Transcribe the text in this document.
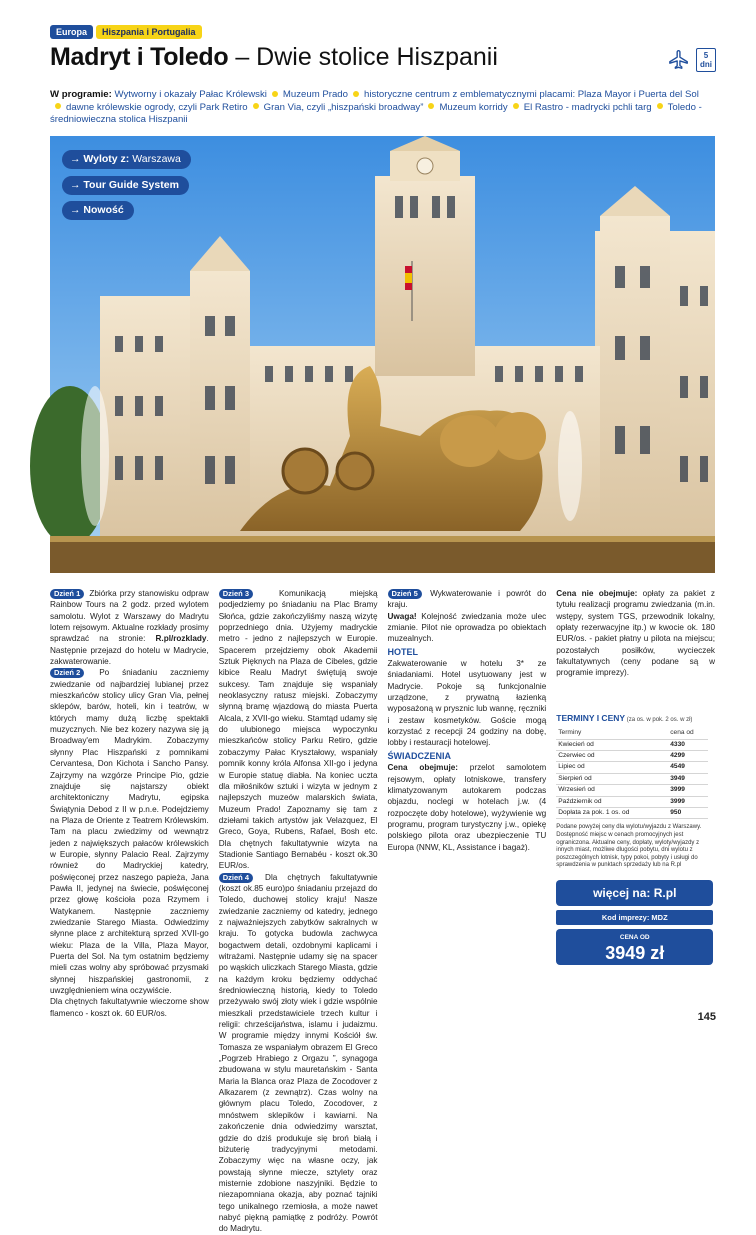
Europa	Hiszpania i Portugalia
Madryt i Toledo – Dwie stolice Hiszpanii	5
dni
W programie: Wytworny i okazały Pałac Królewski Muzeum Prado historyczne centrum z emblematycznymi placami: Plaza Mayor i Puerta del Soldawne królewskie ogrody, czyli Park Retiro Gran Via, czyli „hiszpański broadway” Muzeum korridy El Rastro - madrycki pchli targ Toledo - średniowieczna stolica Hiszpanii
→ Wyloty z: Warszawa
→ Tour Guide System
→ Nowość

Dzień 1 Zbiórka przy stanowisku odpraw Rainbow Tours na 2 godz. przed wylotem samolotu. Wylot z Warszawy do Madrytu lotem rejsowym. Aktualne rozkłady prosimy sprawdzać na stronie: R.pl/rozklady. Następnie przejazd do hotelu w Madrycie, zakwaterowanie.

Dzień 2 Po śniadaniu zaczniemy zwiedzanie od najbardziej lubianej przez mieszkańców stolicy ulicy Gran Via, pełnej sklepów, barów, hoteli, kin i teatrów, w których mamy dużą liczbę spektakli muzycznych. Nie bez kozery nazywa się ją Broadway'em Madrykim. Zobaczymy słynny Plac Hiszpański z pomnikami Cervantesa, Don Kichota i Sancho Pansy. Zajrzymy na wzgórze Principe Pio, gdzie znajduje się najstarszy obiekt architektoniczny Madrytu, egipska Świątynia Debod z II w p.n.e. Podejdziemy na Plaza de Oriente z Teatrem Królewskim. Tam na placu zwiedzimy od wewnątrz jeden z największych pałaców królewskich w Europie, słynny Palacio Real. Zajrzymy również do Madryckiej katedry, poświęconej przez naszego papieża, Jana Pawła II, jedynej na świecie, poświęconej przez głowę kościoła poza Rzymem i Watykanem. Następnie zaczniemy zwiedzanie Starego Miasta. Odwiedzimy słynne place z architekturą sprzed XVII-go wieku: Plaza de la Villa, Plaza Mayor, Puerta del Sol. Na tym ostatnim będziemy mieli czas wolny aby spróbować przysmaki słynnej hiszpańskiej gastronomii, z uwzględnieniem wina oczywiście.

Dla chętnych fakultatywnie wieczorne show flamenco - koszt ok. 60 EUR/os.

Dzień 3	Komunikacją miejską podjedziemy po śniadaniu na Plac Bramy Słońca, gdzie zakończyliśmy naszą wizytę poprzedniego dnia. Użyjemy madryckie metro - jedno z najlepszych w Europie. Spacerem przejdziemy obok Akademii Sztuk Pięknych na Plaza de Cibeles, gdzie kibice Realu Madryt świętują swoje sukcesy. Tam znajduje się wspaniały neoklasyczny ratusz miejski. Zobaczymy słynną bramę wjazdową do miasta Puerta Alcala, z XVII-go wieku. Stamtąd udamy się do ulubionego miejsca wypoczynku mieszkańców stolicy Parku Retiro, gdzie zobaczymy Pałac Kryształowy, wspaniały pomnik konny króla Alfonsa XII-go i jedyna w Europie statuę diabła. Na koniec uczta dla miłośników sztuki i wizyta w jednym z najlepszych muzeów malarskich świata, Muzeum Prado! Zapoznamy się tam z dziełami takich artystów jak Velazquez, El Greco, Goya, Rubens, Rafael, Bosh etc. Dla chętnych fakultatywnie wizyta na Stadionie Santiago Bernabéu - koszt ok.30 EUR/os.

Dzień 4 Dla chętnych fakultatywnie (koszt ok.85 euro)po śniadaniu przejazd do Toledo, duchowej stolicy kraju! Nasze zwiedzanie zaczniemy od katedry, jednego z najważniejszych zabytków sakralnych w kraju. To gotycka budowla zachwyca bogactwem detali, ozdobnymi kaplicami i witrażami. Następnie udamy się na spacer po wąskich uliczkach Starego Miasta, gdzie na każdym kroku będziemy oddychać średniowieczną historią, kiedy to Toledo przeżywało swój złoty wiek i gdzie wspólnie mieszkali przedstawiciele trzech kultur i religii: chrześcijaństwa, islamu i judaizmu. W programie między innymi Kościół św. Tomasza ze wspaniałym obrazem El Greco „Pogrzeb Hrabiego z Orgazu ”, synagoga zbudowana w stylu mauretańskim - Santa Maria la Blanca oraz Plaza de Zocodover z Alkazarem (z zewnątrz). Czas wolny na głównym placu Toledo, Zocodover, z mnóstwem sklepików i kawiarni. Na zakończenie dnia odwiedzimy warsztat, gdzie do dziś produkuje się broń białą i biżuterię tradycyjnymi metodami. Zobaczymy więc na własne oczy, jak powstają słynne miecze, sztylety oraz misternie zdobione naszyjniki. Będzie to niezapomniana okazja, aby poznać tajniki tego unikalnego rzemiosła, a może nawet nabyć piękną pamiątkę z podróży. Powrót do Madrytu.

Dzień 5 Wykwaterowanie i powrót do kraju.

Uwaga! Kolejność zwiedzania może ulec zmianie. Pilot nie oprowadza po obiektach muzealnych.

HOTEL

Zakwaterowanie w hotelu 3* ze śniadaniami. Hotel usytuowany jest w Madrycie. Pokoje są funkcjonalnie urządzone, z prywatną łazienką wyposażoną w prysznic lub wannę, ręczniki i zestaw kosmetyków. Goście mogą korzystać z recepcji 24 godziny na dobę, lobby i restauracji hotelowej.

ŚWIADCZENIA

Cena obejmuje: przelot samolotem rejsowym, opłaty lotniskowe, transfery klimatyzowanym autokarem podczas objazdu, noclegi w hotelach j.w. (4 rozpoczęte doby hotelowe), wyżywienie wg programu, program turystyczny j.w., opiekę polskiego pilota oraz ubezpieczenie TU Europa (NNW, KL, Assistance i bagaż).

Cena nie obejmuje: opłaty za pakiet z tytułu realizacji programu zwiedzania (m.in. wstępy, system TGS, przewodnik lokalny, opłaty rezerwacyjne itp.) w kwocie ok. 180 EUR/os. - pakiet płatny u pilota na miejscu; pozostałych posiłków, wycieczek fakultatywnych (ceny podane są w programie imprezy).

TERMINY I CENY (za os. w pok. 2 os. w zł)
Terminy	cena od
Kwiecień od	4330
Czerwiec od	4299
Lipiec od	4549
Sierpień od	3949
Wrzesień od	3999
Październik od	3999
Dopłata za pok. 1 os. od	950

Podane powyżej ceny dla wylotu/wyjazdu z Warszawy. Dostępność miejsc w cenach promocyjnych jest ograniczona. Aktualne ceny, dopłaty, wyloty/wyjazdy z innych miast, możliwe dlugości pobytu, dni wylotu z poszczególnych lotnisk, typy pokoi, pobyty i usługi do sprawdzenia w punktach sprzedaży lub na R.pl

więcej na: R.pl
Kod imprezy: MDZ
CENA OD
3949 zł
145
